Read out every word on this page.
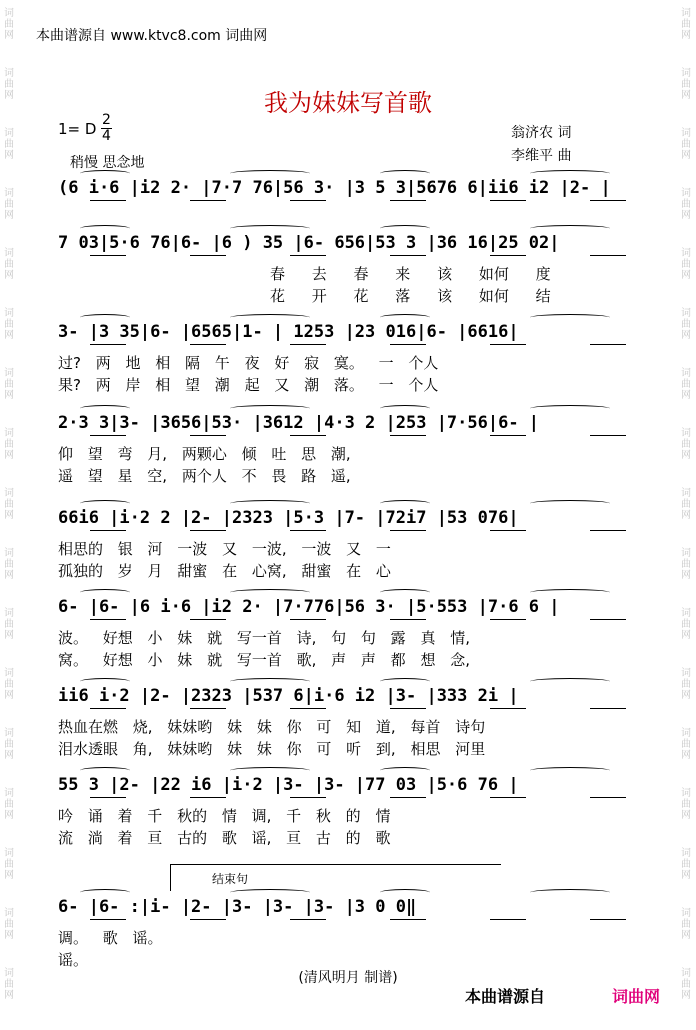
词
曲
网
词
曲
网
词
曲
网
词
曲
网
词
曲
网
词
曲
网
词
曲
网
词
曲
网
词
曲
网
词
曲
网
词
曲
网
词
曲
网
词
曲
网
词
曲
网
词
曲
网
词
曲
网
词
曲
网
词
曲
网
词
曲
网
词
曲
网
词
曲
网
词
曲
网
词
曲
网
词
曲
网
词
曲
网
词
曲
网
词
曲
网
词
曲
网
词
曲
网
词
曲
网
词
曲
网
词
曲
网
词
曲
网
词
曲
网
本曲谱源自 www.ktvc8.com 词曲网
我为妹妹写首歌
1= D 2
4
稍慢 思念地
翁济农 词
李维平 曲
(6 i·6 |i2 2· |7·7 76|56 3· |3 5 3|5676 6|ii6 i2 |2- |
7 03|5·6 76|6- |6 ) 35 |6- 656|53 3 |36 16|25 02|
春 去 春 来 该 如何 度
花 开 花 落 该 如何 结
3- |3 35|6- |6565|1- | 1253 |23 016|6- |6616|
过? 两 地 相 隔 午 夜 好 寂 寞。 一 个人
果? 两 岸 相 望 潮 起 又 潮 落。 一 个人
2·3 3|3- |3656|53· |3612 |4·3 2 |253 |7·56|6- |
仰 望 弯 月, 两颗心 倾 吐 思 潮,
遥 望 星 空, 两个人 不 畏 路 遥,
66i6 |i·2 2 |2- |2323 |5·3 |7- |72i7 |53 076|
相思的 银 河 一波 又 一波, 一波 又 一
孤独的 岁 月 甜蜜 在 心窝, 甜蜜 在 心
6- |6- |6 i·6 |i2 2· |7·776|56 3· |5·553 |7·6 6 |
波。 好想 小 妹 就 写一首 诗, 句 句 露 真 情,
窝。 好想 小 妹 就 写一首 歌, 声 声 都 想 念,
ii6 i·2 |2- |2323 |537 6|i·6 i2 |3- |333 2i |
热血在燃 烧, 妹妹哟 妹 妹 你 可 知 道, 每首 诗句
泪水透眼 角, 妹妹哟 妹 妹 你 可 听 到, 相思 河里
55 3 |2- |22 i6 |i·2 |3- |3- |77 03 |5·6 76 |
吟 诵 着 千 秋的 情 调, 千 秋 的 情
流 淌 着 亘 古的 歌 谣, 亘 古 的 歌
6- |6- :|i- |2- |3- |3- |3- |3 0 0‖
调。 歌 谣。
谣。
结束句
(清风明月 制谱)
本曲谱源自	词曲网
